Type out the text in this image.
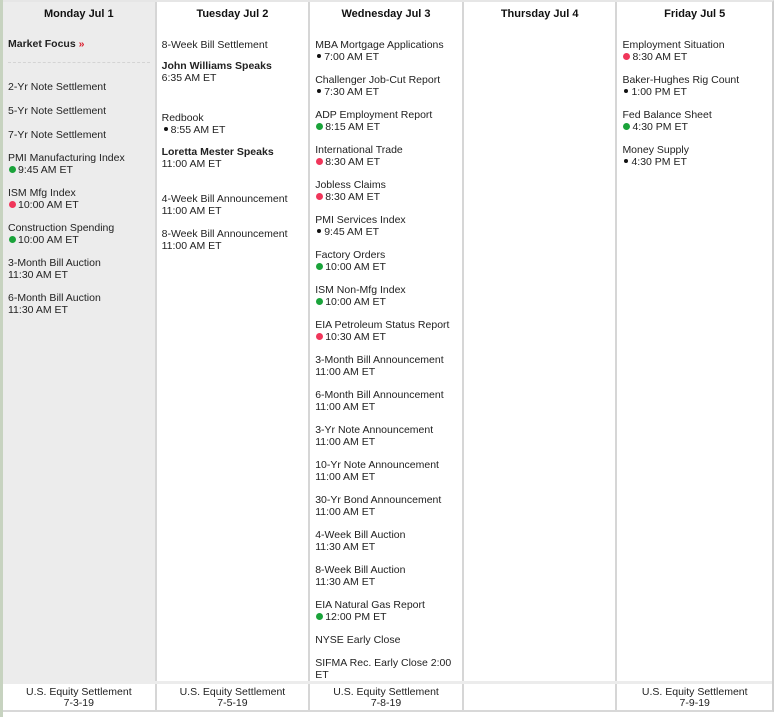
Monday Jul 1
Market Focus »
2-Yr Note Settlement
5-Yr Note Settlement
7-Yr Note Settlement
PMI Manufacturing Index
9:45 AM ET
ISM Mfg Index
10:00 AM ET
Construction Spending
10:00 AM ET
3-Month Bill Auction
11:30 AM ET
6-Month Bill Auction
11:30 AM ET
Tuesday Jul 2
8-Week Bill Settlement
John Williams Speaks
6:35 AM ET
Redbook
8:55 AM ET
Loretta Mester Speaks
11:00 AM ET
4-Week Bill Announcement
11:00 AM ET
8-Week Bill Announcement
11:00 AM ET
Wednesday Jul 3
MBA Mortgage Applications
7:00 AM ET
Challenger Job-Cut Report
7:30 AM ET
ADP Employment Report
8:15 AM ET
International Trade
8:30 AM ET
Jobless Claims
8:30 AM ET
PMI Services Index
9:45 AM ET
Factory Orders
10:00 AM ET
ISM Non-Mfg Index
10:00 AM ET
EIA Petroleum Status Report
10:30 AM ET
3-Month Bill Announcement
11:00 AM ET
6-Month Bill Announcement
11:00 AM ET
3-Yr Note Announcement
11:00 AM ET
10-Yr Note Announcement
11:00 AM ET
30-Yr Bond Announcement
11:00 AM ET
4-Week Bill Auction
11:30 AM ET
8-Week Bill Auction
11:30 AM ET
EIA Natural Gas Report
12:00 PM ET
NYSE Early Close
SIFMA Rec. Early Close 2:00 ET
Thursday Jul 4	Friday Jul 5
Employment Situation
8:30 AM ET
Baker-Hughes Rig Count
1:00 PM ET
Fed Balance Sheet
4:30 PM ET
Money Supply
4:30 PM ET
U.S. Equity Settlement
7-3-19
U.S. Equity Settlement
7-5-19
U.S. Equity Settlement
7-8-19
U.S. Equity Settlement
7-9-19
